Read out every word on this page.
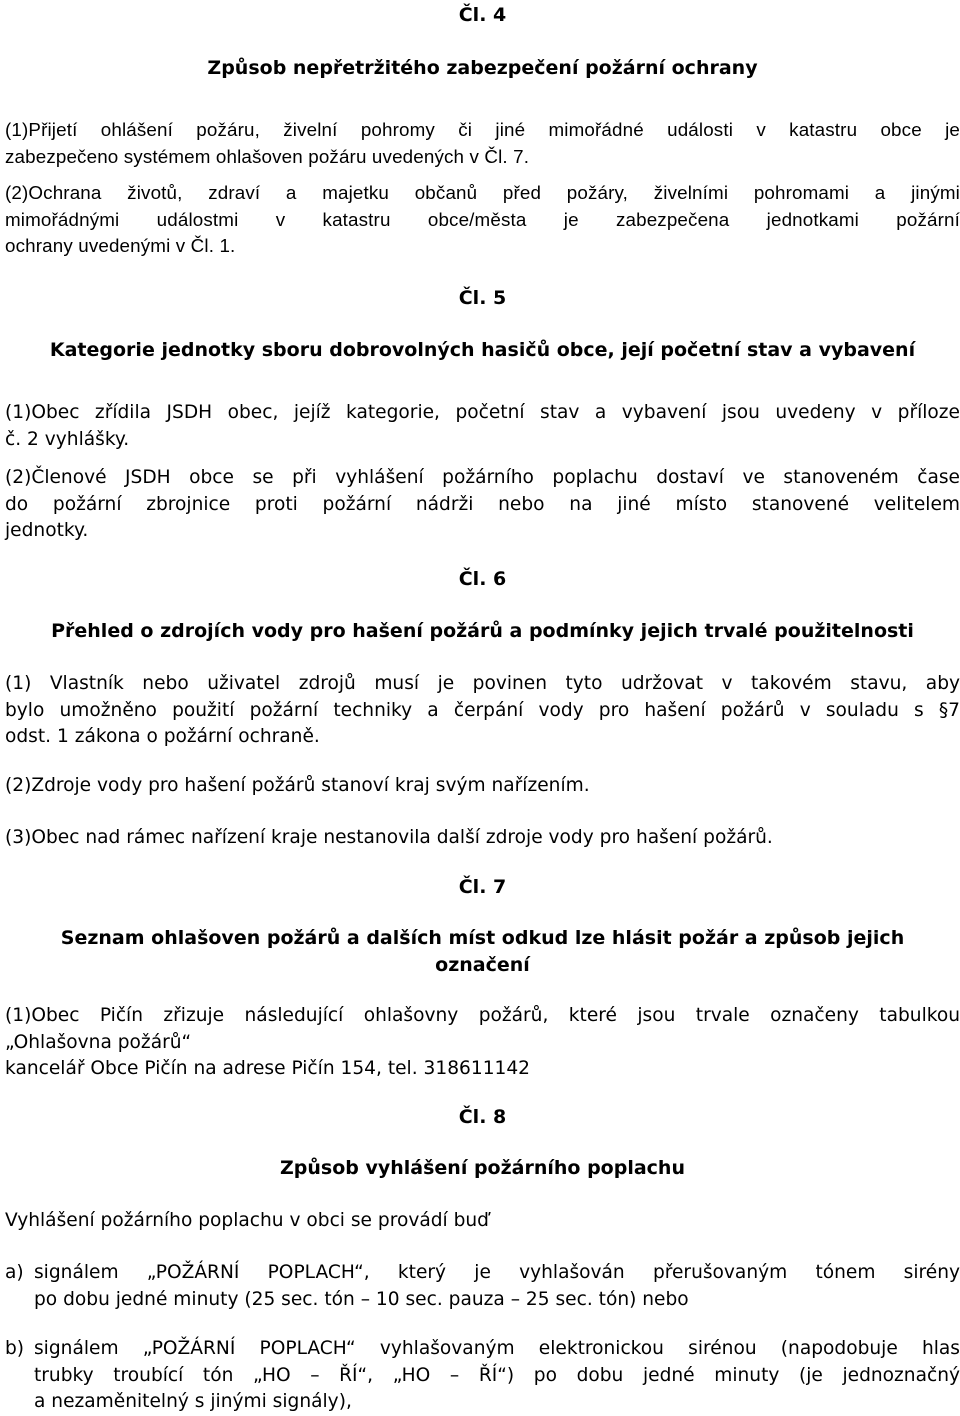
Čl. 4
Způsob nepřetržitého zabezpečení požární ochrany
(1)Přijetí ohlášení požáru, živelní pohromy či jiné mimořádné události v katastru obce je
zabezpečeno systémem ohlašoven požáru uvedených v Čl. 7.
(2)Ochrana životů, zdraví a majetku občanů před požáry, živelními pohromami a jinými
mimořádnými událostmi v katastru obce/města je zabezpečena jednotkami požární
ochrany uvedenými v Čl. 1.
Čl. 5
Kategorie jednotky sboru dobrovolných hasičů obce, její početní stav a vybavení
(1)Obec zřídila JSDH obec, jejíž kategorie, početní stav a vybavení jsou uvedeny v příloze
č. 2 vyhlášky.
(2)Členové JSDH obce se při vyhlášení požárního poplachu dostaví ve stanoveném čase
do požární zbrojnice proti požární nádrži nebo na jiné místo stanovené velitelem
jednotky.
Čl. 6
Přehled o zdrojích vody pro hašení požárů a podmínky jejich trvalé použitelnosti
(1) Vlastník nebo uživatel zdrojů musí je povinen tyto udržovat v takovém stavu, aby
bylo umožněno použití požární techniky a čerpání vody pro hašení požárů v souladu s §7
odst. 1 zákona o požární ochraně.
(2)Zdroje vody pro hašení požárů stanoví kraj svým nařízením.
(3)Obec nad rámec nařízení kraje nestanovila další zdroje vody pro hašení požárů.
Čl. 7
Seznam ohlašoven požárů a dalších míst odkud lze hlásit požár a způsob jejich
označení
(1)Obec Pičín zřizuje následující ohlašovny požárů, které jsou trvale označeny tabulkou
„Ohlašovna požárů“
kancelář Obce Pičín na adrese Pičín 154, tel. 318611142
Čl. 8
Způsob vyhlášení požárního poplachu
Vyhlášení požárního poplachu v obci se provádí buď
a) signálem „POŽÁRNÍ POPLACH“, který je vyhlašován přerušovaným tónem sirény
po dobu jedné minuty (25 sec. tón – 10 sec. pauza – 25 sec. tón) nebo
b) signálem „POŽÁRNÍ POPLACH“ vyhlašovaným elektronickou sirénou (napodobuje hlas
trubky troubící tón „HO – ŘÍ“, „HO – ŘÍ“) po dobu jedné minuty (je jednoznačný
a nezaměnitelný s jinými signály),
